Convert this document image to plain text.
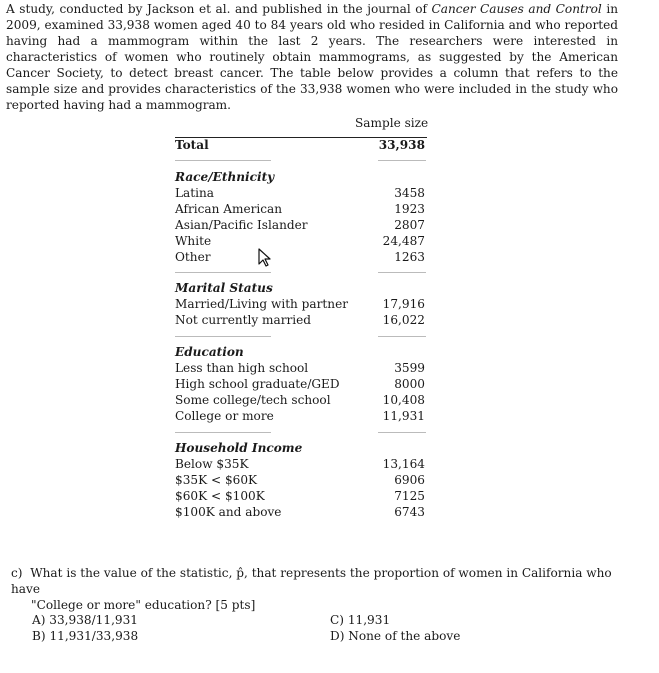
A study, conducted by Jackson et al. and published in the journal of Cancer Causes and Control in 2009, examined 33,938 women aged 40 to 84 years old who resided in California and who reported having had a mammogram within the last 2 years. The researchers were interested in characteristics of women who routinely obtain mammograms, as suggested by the American Cancer Society, to detect breast cancer. The table below provides a column that refers to the sample size and provides characteristics of the 33,938 women who were included in the study who reported having had a mammogram.

Sample size
Total	33,938
Race/Ethnicity
Latina	3458
African American	1923
Asian/Pacific Islander	2807
White	24,487
Other	1263
Marital Status
Married/Living with partner	17,916
Not currently married	16,022
Education
Less than high school	3599
High school graduate/GED	8000
Some college/tech school	10,408
College or more	11,931
Household Income
Below $35K	13,164
$35K < $60K	6906
$60K < $100K	7125
$100K and above	6743
c) What is the value of the statistic, p̂, that represents the proportion of women in California who have
"College or more" education? [5 pts]
A) 33,938/11,931
B) 11,931/33,938
C) 11,931
D) None of the above
